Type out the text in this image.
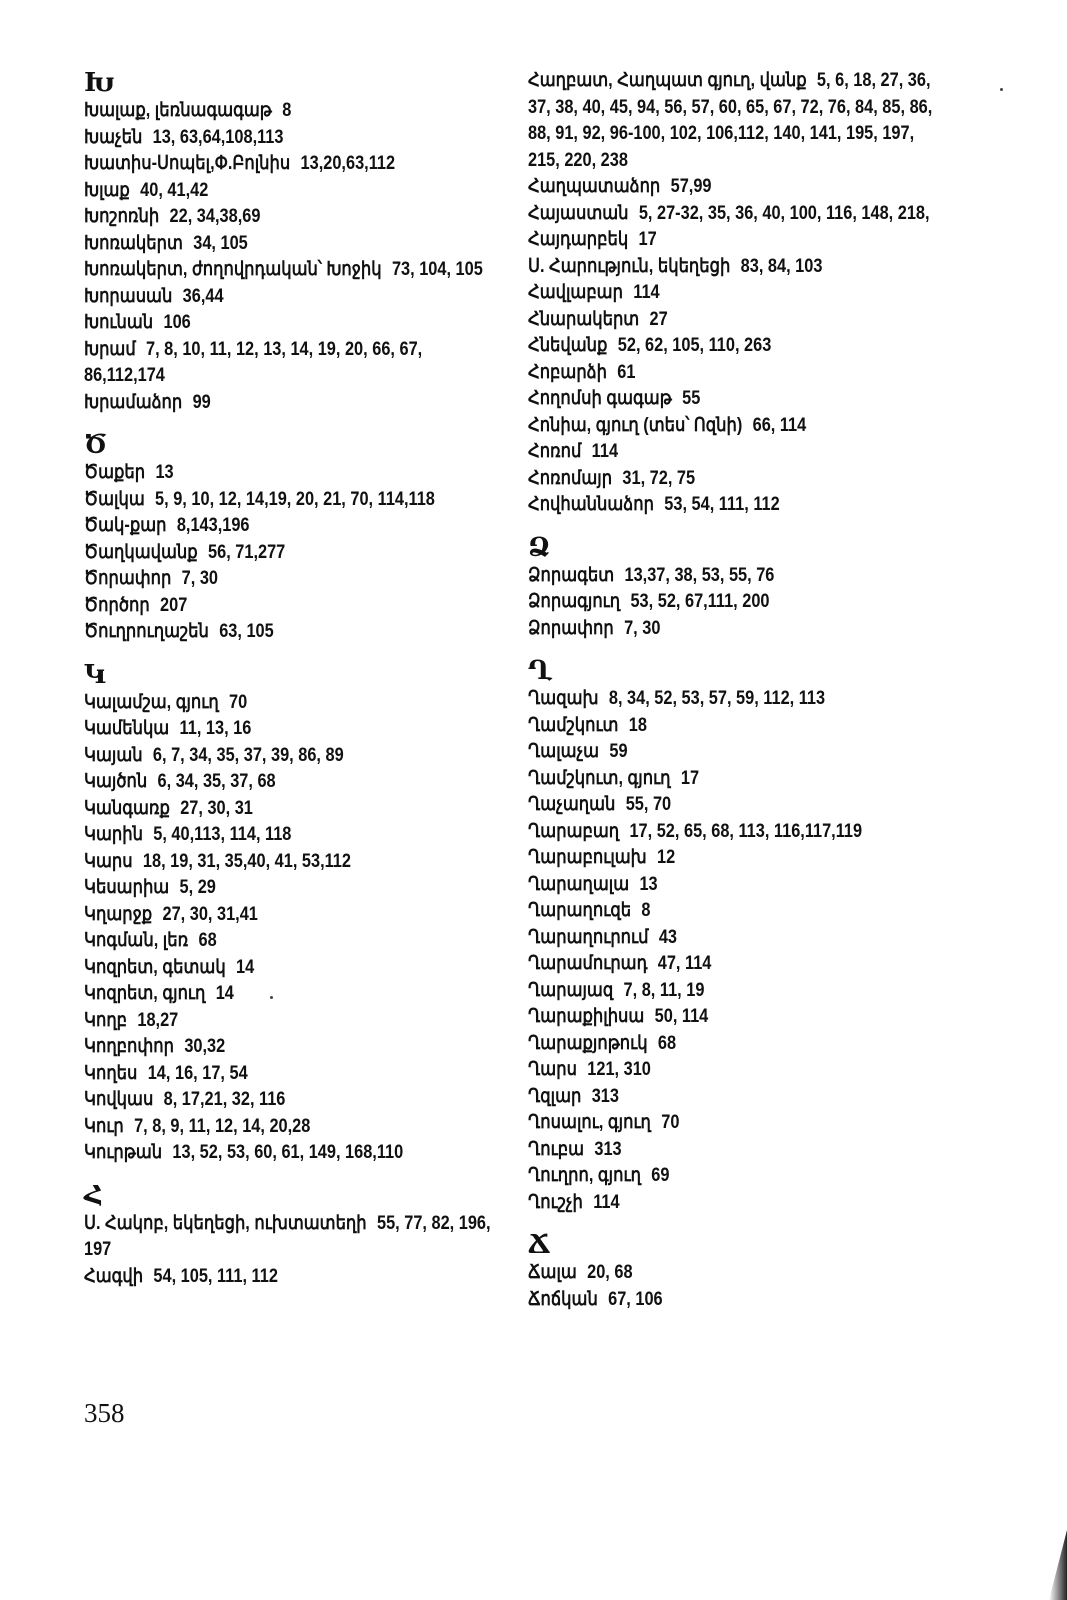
Խ
Խալաք, լեռնագագաթ 8
Խաչեն 13, 63,64,108,113
Խատիս-Սոպել,Փ.Բոլնիս 13,20,63,112
Խլաք 40, 41,42
Խոշոռնի 22, 34,38,69
Խոռակերտ 34, 105
Խոռակերտ, ժողովրդական՝ Խոջիկ 73, 104, 105
Խորասան 36,44
Խունան 106
Խրամ 7, 8, 10, 11, 12, 13, 14, 19, 20, 66, 67, 86,112,174
Խրամաձոր 99
Ծ
Ծաքեր 13
Ծալկա 5, 9, 10, 12, 14,19, 20, 21, 70, 114,118
Ծակ-քար 8,143,196
Ծաղկավանք 56, 71,277
Ծորափոր 7, 30
Ծործոր 207
Ծուղրուղաշեն 63, 105
Կ
Կալամշա, գյուղ 70
Կամենկա 11, 13, 16
Կայան 6, 7, 34, 35, 37, 39, 86, 89
Կայծոն 6, 34, 35, 37, 68
Կանգառք 27, 30, 31
Կարին 5, 40,113, 114, 118
Կարս 18, 19, 31, 35,40, 41, 53,112
Կեսարիա 5, 29
Կղարջք 27, 30, 31,41
Կոգման, լեռ 68
Կոզրետ, գետակ 14
Կոզրետ, գյուղ 14
Կողբ 18,27
Կողբոփոր 30,32
Կողես 14, 16, 17, 54
Կովկաս 8, 17,21, 32, 116
Կուր 7, 8, 9, 11, 12, 14, 20,28
Կուրթան 13, 52, 53, 60, 61, 149, 168,110
Հ
Ս. Հակոբ, եկեղեցի, ուխտատեղի 55, 77, 82, 196, 197
Հագվի 54, 105, 111, 112
Հաղբատ, Հաղպատ գյուղ, վանք 5, 6, 18, 27, 36, 37, 38, 40, 45, 94, 56, 57, 60, 65, 67, 72, 76, 84, 85, 86, 88, 91, 92, 96-100, 102, 106,112, 140, 141, 195, 197, 215, 220, 238
Հաղպատաձոր 57,99
Հայաստան 5, 27-32, 35, 36, 40, 100, 116, 148, 218,
Հայդարբեկ 17
Ս. Հարություն, եկեղեցի 83, 84, 103
Հավլաբար 114
Հնարակերտ 27
Հնեվանք 52, 62, 105, 110, 263
Հոբարձի 61
Հողոմսի գագաթ 55
Հոնիա, գյուղ (տես՝ Ոզնի) 66, 114
Հոռոմ 114
Հոռոմայր 31, 72, 75
Հովհաննաձոր 53, 54, 111, 112
Ձ
Ձորագետ 13,37, 38, 53, 55, 76
Ձորագյուղ 53, 52, 67,111, 200
Ձորափոր 7, 30
Ղ
Ղազախ 8, 34, 52, 53, 57, 59, 112, 113
Ղամշկուտ 18
Ղալաչա 59
Ղամշկուտ, գյուղ 17
Ղաչաղան 55, 70
Ղարաբաղ 17, 52, 65, 68, 113, 116,117,119
Ղարաբուլախ 12
Ղարաղալա 13
Ղարաղուզե 8
Ղարաղուրում 43
Ղարամուրադ 47, 114
Ղարայազ 7, 8, 11, 19
Ղարաքիլիսա 50, 114
Ղարաքյոթուկ 68
Ղարս 121, 310
Ղզլար 313
Ղոսալու, գյուղ 70
Ղուբա 313
Ղուղրո, գյուղ 69
Ղուշչի 114
Ճ
Ճալա 20, 68
Ճոճկան 67, 106
358
